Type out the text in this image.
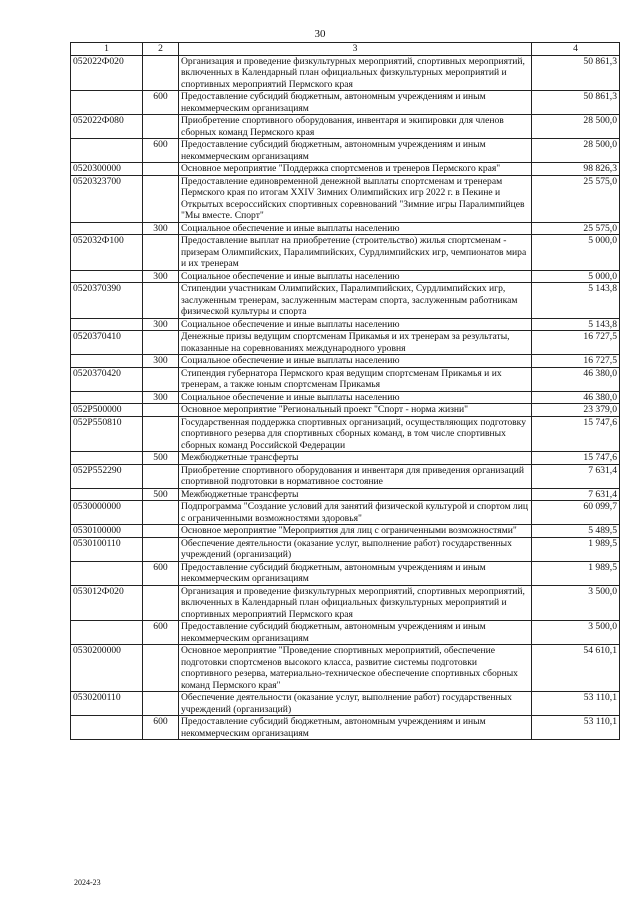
30
1	2	3	4
052022Ф020		Организация и проведение физкультурных мероприятий, спортивных мероприятий, включенных в Календарный план официальных физкультурных мероприятий и спортивных мероприятий Пермского края	50 861,3
	600	Предоставление субсидий бюджетным, автономным учреждениям и иным некоммерческим организациям	50 861,3
052022Ф080		Приобретение спортивного оборудования, инвентаря и экипировки для членов сборных команд Пермского края	28 500,0
	600	Предоставление субсидий бюджетным, автономным учреждениям и иным некоммерческим организациям	28 500,0
0520300000		Основное мероприятие "Поддержка спортсменов и тренеров Пермского края"	98 826,3
0520323700		Предоставление единовременной денежной выплаты спортсменам и тренерам Пермского края по итогам XXIV Зимних Олимпийских игр 2022 г. в Пекине и Открытых всероссийских спортивных соревнований "Зимние игры Паралимпийцев "Мы вместе. Спорт"	25 575,0
	300	Социальное обеспечение и иные выплаты населению	25 575,0
052032Ф100		Предоставление выплат на приобретение (строительство) жилья спортсменам - призерам Олимпийских, Паралимпийских, Сурдлимпийских игр, чемпионатов мира и их тренерам	5 000,0
	300	Социальное обеспечение и иные выплаты населению	5 000,0
0520370390		Стипендии участникам Олимпийских, Паралимпийских, Сурдлимпийских игр, заслуженным тренерам, заслуженным мастерам спорта, заслуженным работникам физической культуры и спорта	5 143,8
	300	Социальное обеспечение и иные выплаты населению	5 143,8
0520370410		Денежные призы ведущим спортсменам Прикамья и их тренерам за результаты, показанные на соревнованиях международного уровня	16 727,5
	300	Социальное обеспечение и иные выплаты населению	16 727,5
0520370420		Стипендия губернатора Пермского края ведущим спортсменам Прикамья и их тренерам, а также юным спортсменам Прикамья	46 380,0
	300	Социальное обеспечение и иные выплаты населению	46 380,0
052Р500000		Основное мероприятие "Региональный проект "Спорт - норма жизни"	23 379,0
052Р550810		Государственная поддержка спортивных организаций, осуществляющих подготовку спортивного резерва для спортивных сборных команд, в том числе спортивных сборных команд Российской Федерации	15 747,6
	500	Межбюджетные трансферты	15 747,6
052Р552290		Приобретение спортивного оборудования и инвентаря для приведения организаций спортивной подготовки в нормативное состояние	7 631,4
	500	Межбюджетные трансферты	7 631,4
0530000000		Подпрограмма "Создание условий для занятий физической культурой и спортом лиц с ограниченными возможностями здоровья"	60 099,7
0530100000		Основное мероприятие "Мероприятия для лиц с ограниченными возможностями"	5 489,5
0530100110		Обеспечение деятельности (оказание услуг, выполнение работ) государственных учреждений (организаций)	1 989,5
	600	Предоставление субсидий бюджетным, автономным учреждениям и иным некоммерческим организациям	1 989,5
053012Ф020		Организация и проведение физкультурных мероприятий, спортивных мероприятий, включенных в Календарный план официальных физкультурных мероприятий и спортивных мероприятий Пермского края	3 500,0
	600	Предоставление субсидий бюджетным, автономным учреждениям и иным некоммерческим организациям	3 500,0
0530200000		Основное мероприятие "Проведение спортивных мероприятий, обеспечение подготовки спортсменов высокого класса, развитие системы подготовки спортивного резерва, материально-техническое обеспечение спортивных сборных команд Пермского края"	54 610,1
0530200110		Обеспечение деятельности (оказание услуг, выполнение работ) государственных учреждений (организаций)	53 110,1
	600	Предоставление субсидий бюджетным, автономным учреждениям и иным некоммерческим организациям	53 110,1
2024-23
